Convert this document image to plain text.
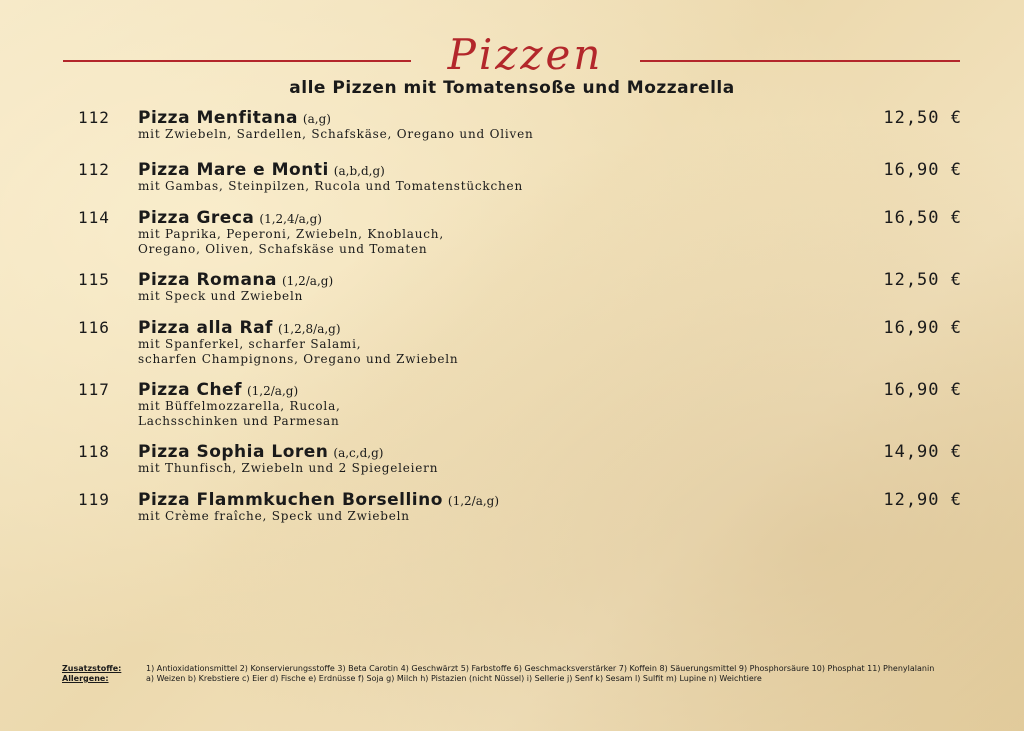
Pizzen
alle Pizzen mit Tomatensoße und Mozzarella
112	Pizza Menfitana (a,g)
mit Zwiebeln, Sardellen, Schafskäse, Oregano und Oliven
12,50 €
112	Pizza Mare e Monti (a,b,d,g)
mit Gambas, Steinpilzen, Rucola und Tomatenstückchen
16,90 €
114	Pizza Greca (1,2,4/a,g)
mit Paprika, Peperoni, Zwiebeln, Knoblauch,
Oregano, Oliven, Schafskäse und Tomaten
16,50 €
115	Pizza Romana (1,2/a,g)
mit Speck und Zwiebeln
12,50 €
116	Pizza alla Raf (1,2,8/a,g)
mit Spanferkel, scharfer Salami,
scharfen Champignons, Oregano und Zwiebeln
16,90 €
117	Pizza Chef (1,2/a,g)
mit Büffelmozzarella, Rucola,
Lachsschinken und Parmesan
16,90 €
118	Pizza Sophia Loren (a,c,d,g)
mit Thunfisch, Zwiebeln und 2 Spiegeleiern
14,90 €
119	Pizza Flammkuchen Borsellino (1,2/a,g)
mit Crème fraîche, Speck und Zwiebeln
12,90 €
Zusatzstoffe:	1) Antioxidationsmittel 2) Konservierungsstoffe 3) Beta Carotin 4) Geschwärzt 5) Farbstoffe 6) Geschmacksverstärker 7) Koffein 8) Säuerungsmittel 9) Phosphorsäure 10) Phosphat 11) Phenylalanin
Allergene:	a) Weizen b) Krebstiere c) Eier d) Fische e) Erdnüsse f) Soja g) Milch h) Pistazien (nicht Nüssel) i) Sellerie j) Senf k) Sesam l) Sulfit m) Lupine n) Weichtiere
